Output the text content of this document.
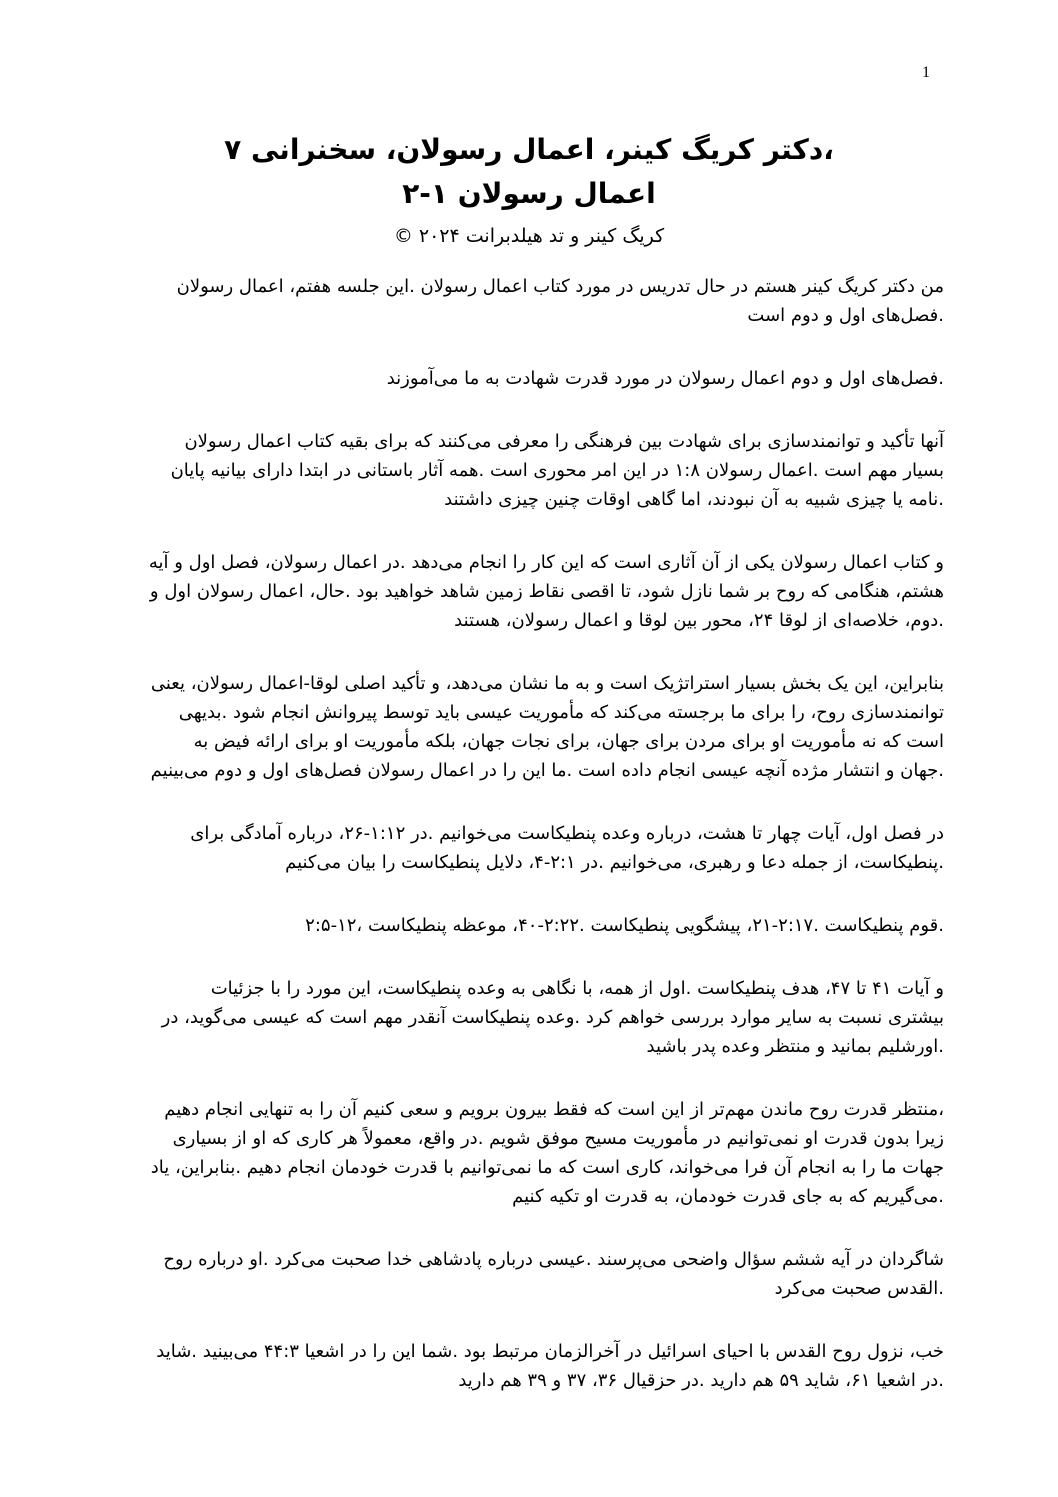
1
،دکتر کریگ کینر، اعمال رسولان، سخنرانی ۷
اعمال رسولان ۱-۲
کریگ کینر و تد هیلدبرانت ۲۰۲۴ ©

من دکتر کریگ کینر هستم در حال تدریس در مورد کتاب اعمال رسولان .این جلسه هفتم، اعمال رسولان
.فصل‌های اول و دوم است

.فصل‌های اول و دوم اعمال رسولان در مورد قدرت شهادت به ما می‌آموزند

آنها تأکید و توانمندسازی برای شهادت بین فرهنگی را معرفی می‌کنند که برای بقیه کتاب اعمال رسولان
بسیار مهم است .اعمال رسولان ۱:۸ در این امر محوری است .همه آثار باستانی در ابتدا دارای بیانیه پایان
.نامه یا چیزی شبیه به آن نبودند، اما گاهی اوقات چنین چیزی داشتند

و کتاب اعمال رسولان یکی از آن آثاری است که این کار را انجام می‌دهد .در اعمال رسولان، فصل اول و آیه
هشتم، هنگامی که روح بر شما نازل شود، تا اقصی نقاط زمین شاهد خواهید بود .حال، اعمال رسولان اول و
.دوم، خلاصه‌ای از لوقا ۲۴، محور بین لوقا و اعمال رسولان، هستند

بنابراین، این یک بخش بسیار استراتژیک است و به ما نشان می‌دهد، و تأکید اصلی لوقا-اعمال رسولان، یعنی
توانمندسازی روح، را برای ما برجسته می‌کند که مأموریت عیسی باید توسط پیروانش انجام شود .بدیهی
است که نه مأموریت او برای مردن برای جهان، برای نجات جهان، بلکه مأموریت او برای ارائه فیض به
.جهان و انتشار مژده آنچه عیسی انجام داده است .ما این را در اعمال رسولان فصل‌های اول و دوم می‌بینیم

در فصل اول، آیات چهار تا هشت، درباره وعده پنطیکاست می‌خوانیم .در ۱:۱۲-۲۶، درباره آمادگی برای
.پنطیکاست، از جمله دعا و رهبری، می‌خوانیم .در ۲:۱-۴، دلایل پنطیکاست را بیان می‌کنیم

.قوم پنطیکاست .۲:۱۷-۲۱، پیشگویی پنطیکاست .۲:۲۲-۴۰، موعظه پنطیکاست ،۱۲-۲:۵

و آیات ۴۱ تا ۴۷، هدف پنطیکاست .اول از همه، با نگاهی به وعده پنطیکاست، این مورد را با جزئیات
بیشتری نسبت به سایر موارد بررسی خواهم کرد .وعده پنطیکاست آنقدر مهم است که عیسی می‌گوید، در
.اورشلیم بمانید و منتظر وعده پدر باشید

،منتظر قدرت روح ماندن مهم‌تر از این است که فقط بیرون برویم و سعی کنیم آن را به تنهایی انجام دهیم
زیرا بدون قدرت او نمی‌توانیم در مأموریت مسیح موفق شویم .در واقع، معمولاً هر کاری که او از بسیاری
جهات ما را به انجام آن فرا می‌خواند، کاری است که ما نمی‌توانیم با قدرت خودمان انجام دهیم .بنابراین، یاد
.می‌گیریم که به جای قدرت خودمان، به قدرت او تکیه کنیم

شاگردان در آیه ششم سؤال واضحی می‌پرسند .عیسی درباره پادشاهی خدا صحبت می‌کرد .او درباره روح
.القدس صحبت می‌کرد

خب، نزول روح القدس با احیای اسرائیل در آخرالزمان مرتبط بود .شما این را در اشعیا ۴۴:۳ می‌بینید .شاید
.در اشعیا ۶۱، شاید ۵۹ هم دارید .در حزقیال ۳۶، ۳۷ و ۳۹ هم دارید
